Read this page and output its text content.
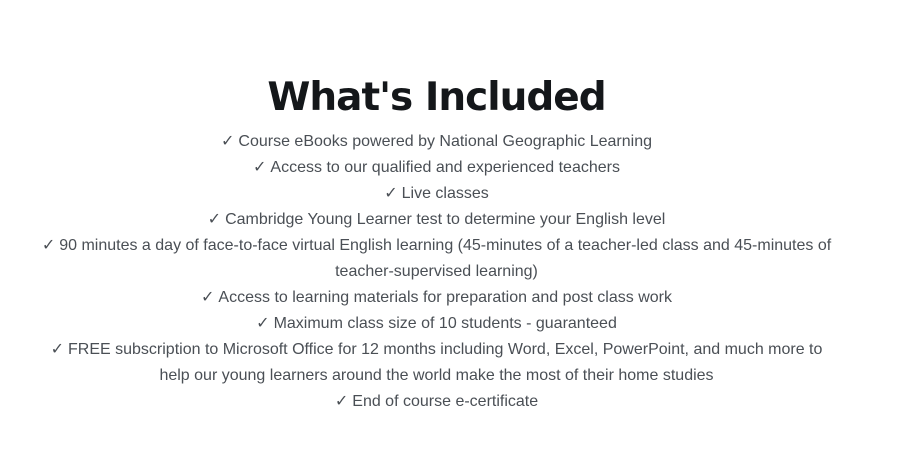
What's Included
✓ Course eBooks powered by National Geographic Learning
✓ Access to our qualified and experienced teachers
✓ Live classes
✓ Cambridge Young Learner test to determine your English level
✓ 90 minutes a day of face-to-face virtual English learning (45-minutes of a teacher-led class and 45-minutes of teacher-supervised learning)
✓ Access to learning materials for preparation and post class work
✓ Maximum class size of 10 students - guaranteed
✓ FREE subscription to Microsoft Office for 12 months including Word, Excel, PowerPoint, and much more to help our young learners around the world make the most of their home studies
✓ End of course e-certificate
